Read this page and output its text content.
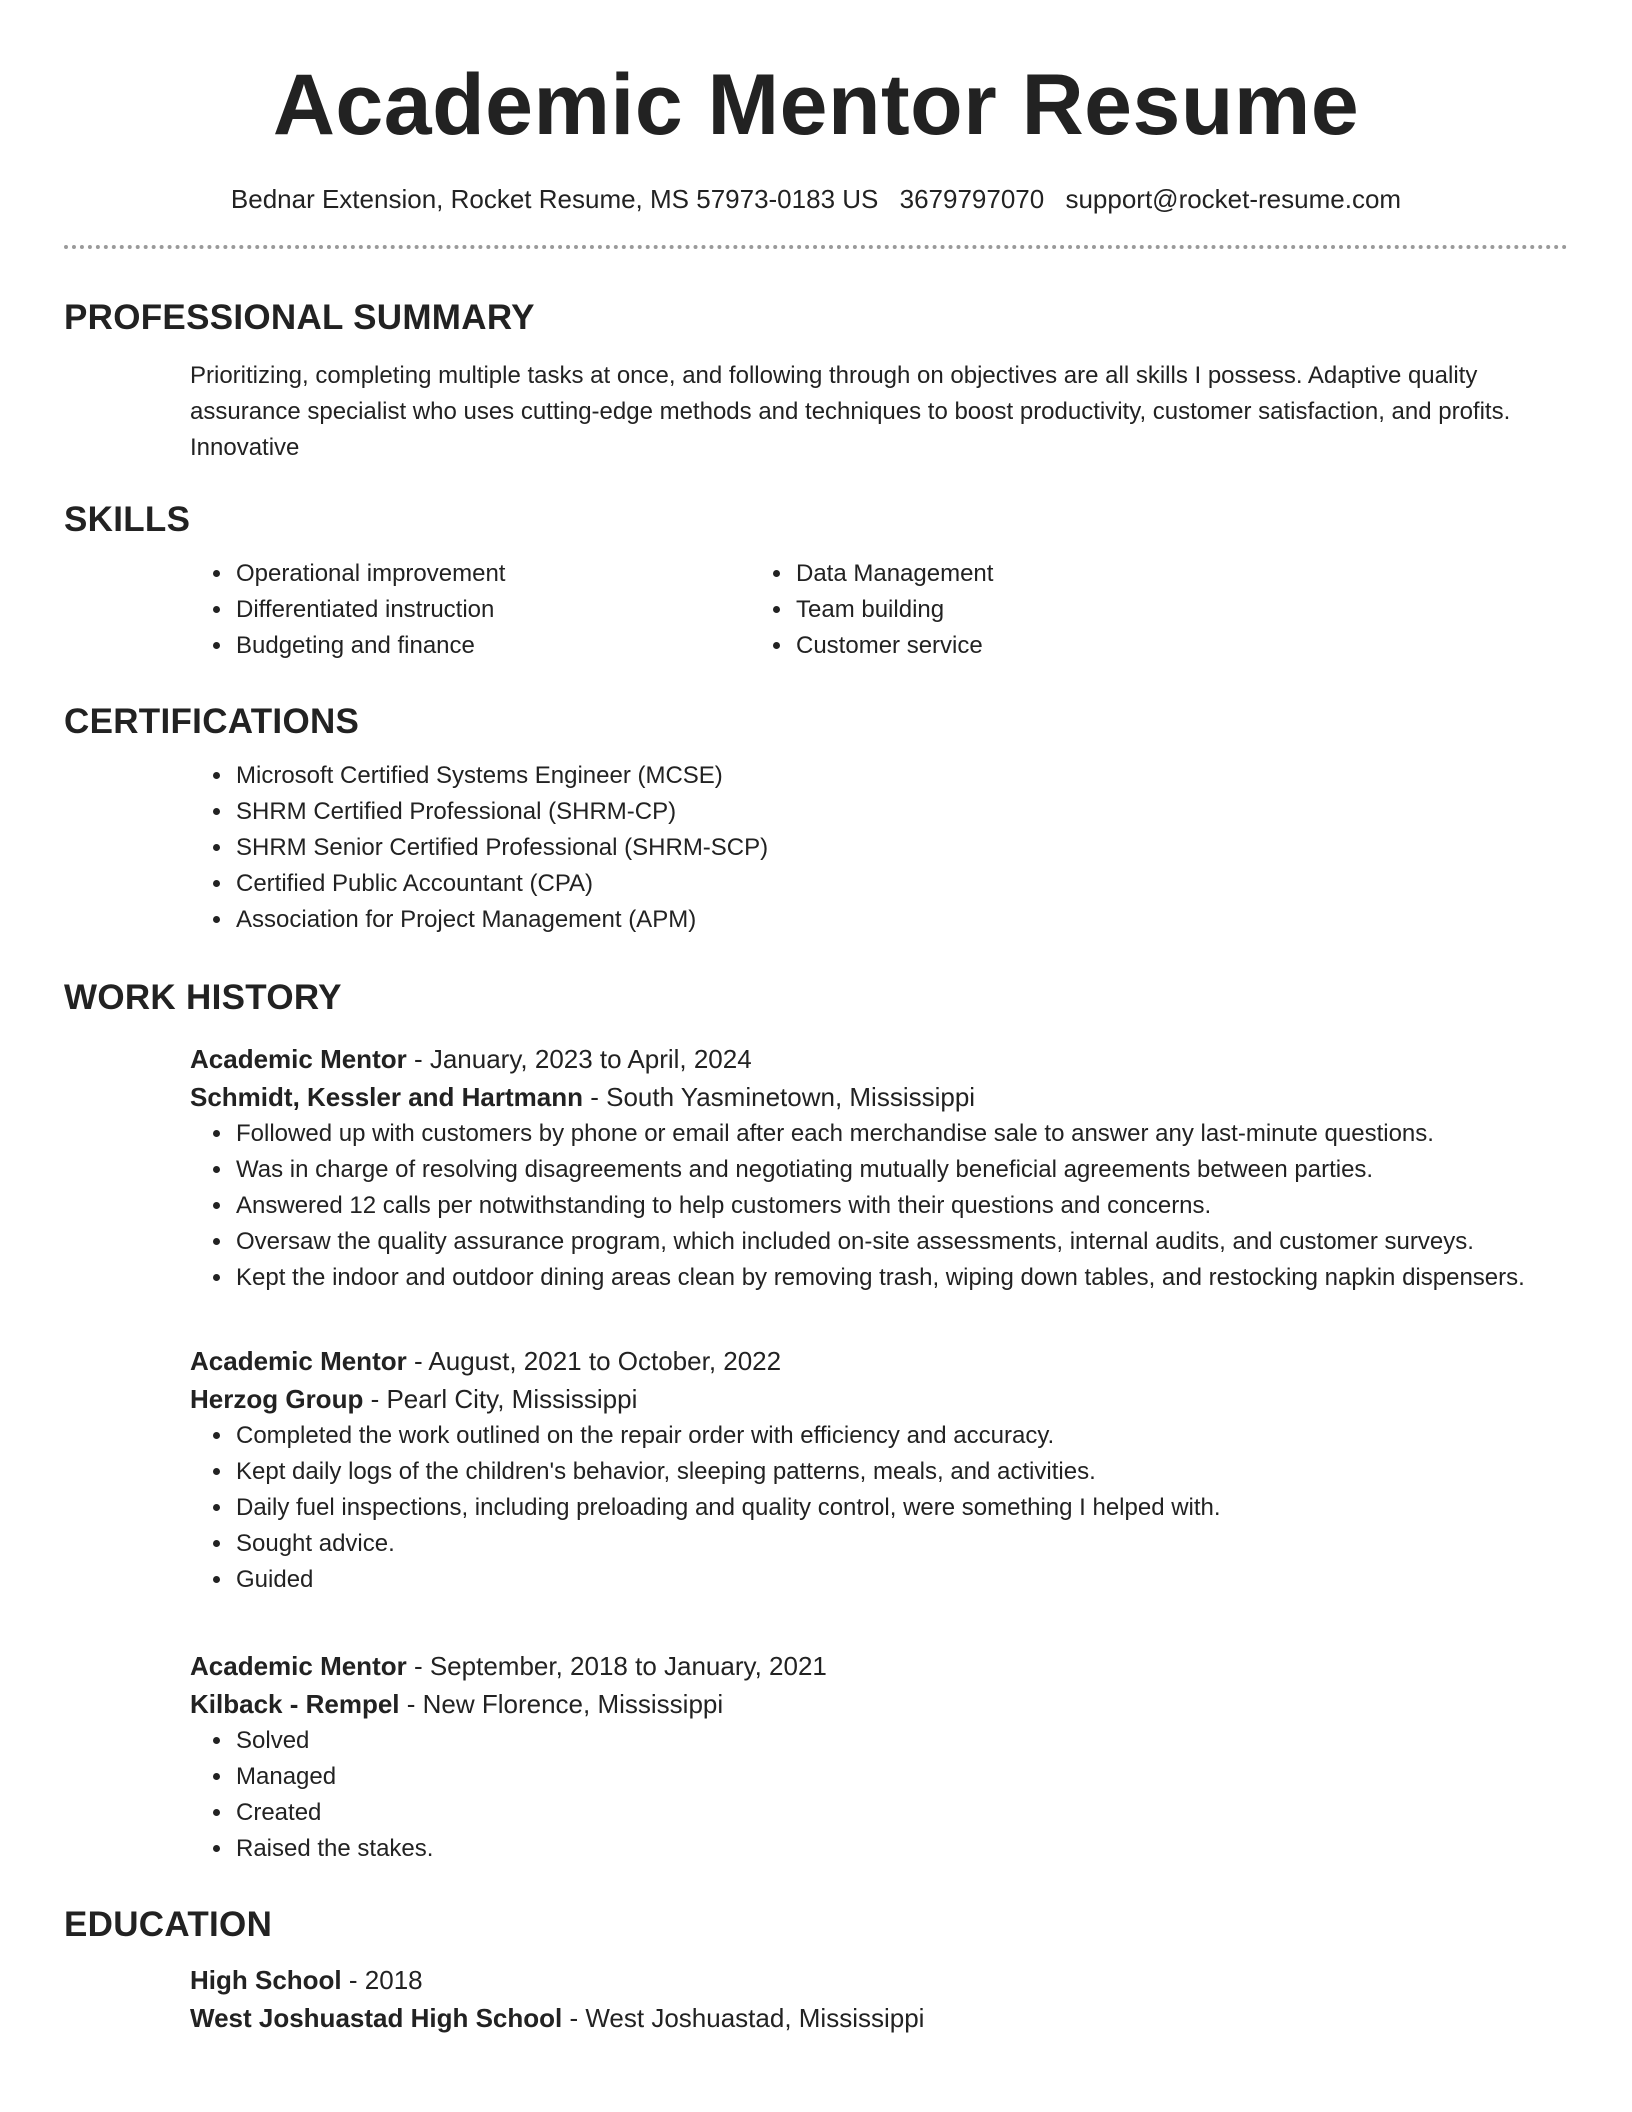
Academic Mentor Resume
Bednar Extension, Rocket Resume, MS 57973-0183 US 3679797070 support@rocket-resume.com
PROFESSIONAL SUMMARY

Prioritizing, completing multiple tasks at once, and following through on objectives are all skills I possess. Adaptive quality assurance specialist who uses cutting-edge methods and techniques to boost productivity, customer satisfaction, and profits. Innovative

SKILLS
• Operational improvement
• Differentiated instruction
• Budgeting and finance
• Data Management
• Team building
• Customer service
CERTIFICATIONS
• Microsoft Certified Systems Engineer (MCSE)
• SHRM Certified Professional (SHRM-CP)
• SHRM Senior Certified Professional (SHRM-SCP)
• Certified Public Accountant (CPA)
• Association for Project Management (APM)
WORK HISTORY
Academic Mentor - January, 2023 to April, 2024
Schmidt, Kessler and Hartmann - South Yasminetown, Mississippi
• Followed up with customers by phone or email after each merchandise sale to answer any last-minute questions.
• Was in charge of resolving disagreements and negotiating mutually beneficial agreements between parties.
• Answered 12 calls per notwithstanding to help customers with their questions and concerns.
• Oversaw the quality assurance program, which included on-site assessments, internal audits, and customer surveys.
• Kept the indoor and outdoor dining areas clean by removing trash, wiping down tables, and restocking napkin dispensers.
Academic Mentor - August, 2021 to October, 2022
Herzog Group - Pearl City, Mississippi
• Completed the work outlined on the repair order with efficiency and accuracy.
• Kept daily logs of the children's behavior, sleeping patterns, meals, and activities.
• Daily fuel inspections, including preloading and quality control, were something I helped with.
• Sought advice.
• Guided
Academic Mentor - September, 2018 to January, 2021
Kilback - Rempel - New Florence, Mississippi
• Solved
• Managed
• Created
• Raised the stakes.
EDUCATION
High School - 2018
West Joshuastad High School - West Joshuastad, Mississippi
